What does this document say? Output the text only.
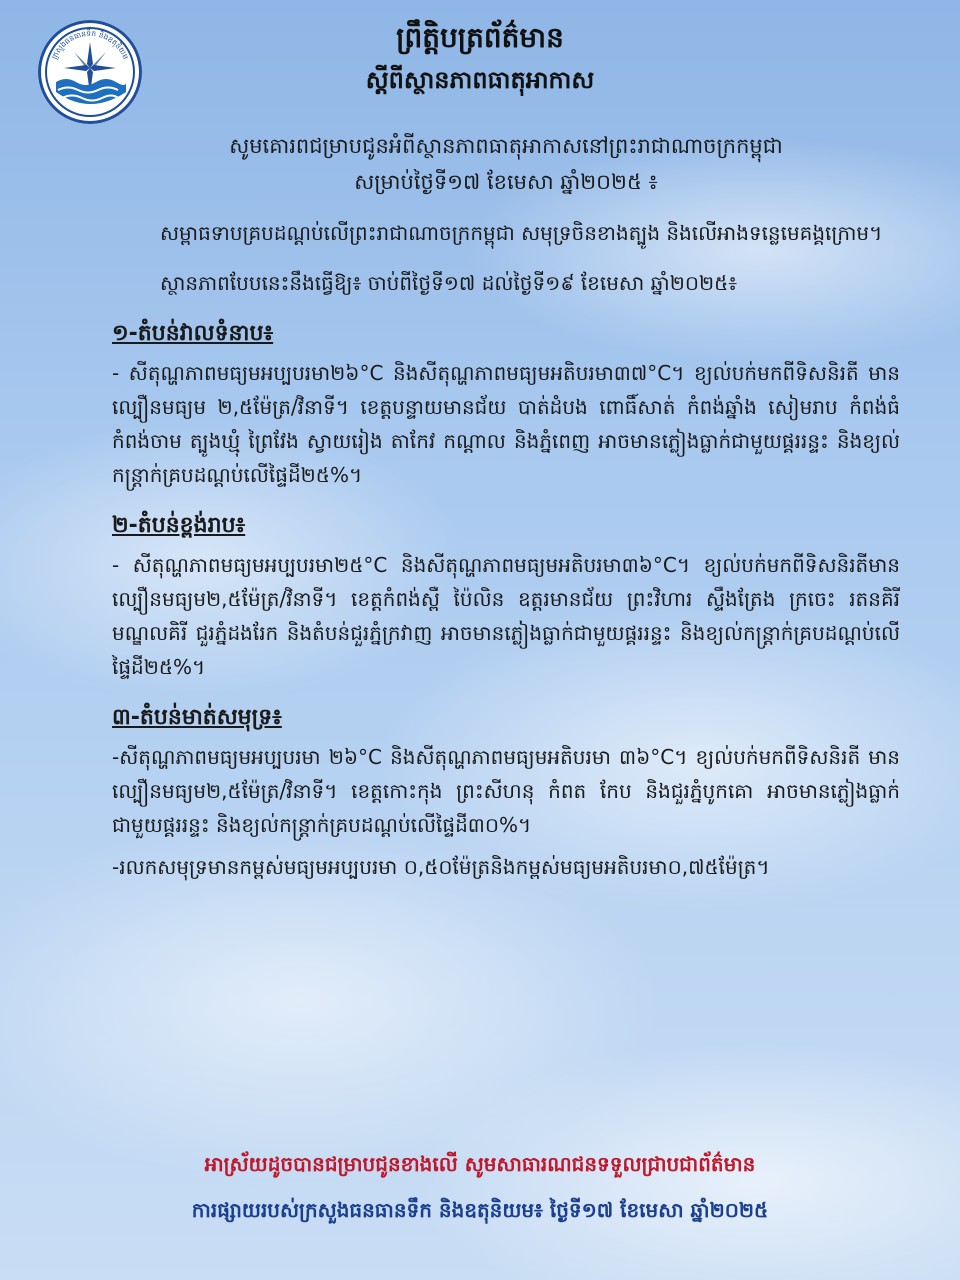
ក្រសួងធនធានទឹក និងឧតុនិយម
ព្រឹត្តិបត្រព័ត៌មាន
ស្តីពីស្ថានភាពធាតុអាកាស

សូមគោរពជម្រាបជូនអំពីស្ថានភាពធាតុអាកាសនៅព្រះរាជាណាចក្រកម្ពុជា

សម្រាប់ថ្ងៃទី១៧ ខែមេសា ឆ្នាំ២០២៥ ៖

សម្ពាធទាបគ្របដណ្តប់លើព្រះរាជាណាចក្រកម្ពុជា សមុទ្រចិនខាងត្បូង និងលើអាងទន្លេមេគង្គក្រោម។

ស្ថានភាពបែបនេះនឹងធ្វើឱ្យ៖ ចាប់ពីថ្ងៃទី១៧ ដល់ថ្ងៃទី១៩ ខែមេសា ឆ្នាំ២០២៥៖

១-តំបន់វាលទំនាប៖

- សីតុណ្ហភាពមធ្យមអប្បបរមា២៦°C និងសីតុណ្ហភាពមធ្យមអតិបរមា៣៧°C។ ខ្យល់បក់មកពីទិសនិរតី មានល្បឿនមធ្យម ២,៥ម៉ែត្រ/វិនាទី។ ខេត្តបន្ទាយមានជ័យ បាត់ដំបង ពោធិ៍សាត់ កំពង់ឆ្នាំង សៀមរាប កំពង់ធំ កំពង់ចាម ត្បូងឃ្មុំ ព្រៃវែង ស្វាយរៀង តាកែវ កណ្តាល និងភ្នំពេញ អាចមានភ្លៀងធ្លាក់ជាមួយផ្គររន្ទះ និងខ្យល់កន្ត្រាក់គ្របដណ្តប់លើផ្ទៃដី២៥%។

២-តំបន់ខ្ពង់រាប៖

- សីតុណ្ហភាពមធ្យមអប្បបរមា២៥°C និងសីតុណ្ហភាពមធ្យមអតិបរមា៣៦°C។ ខ្យល់បក់មកពីទិសនិរតីមានល្បឿនមធ្យម២,៥ម៉ែត្រ/វិនាទី។ ខេត្តកំពង់ស្ពឺ ប៉ៃលិន ឧត្តរមានជ័យ ព្រះវិហារ ស្ទឹងត្រែង ក្រចេះ រតនគិរី មណ្ឌលគិរី ជួរភ្នំដងរែក និងតំបន់ជួរភ្នំក្រវាញ អាចមានភ្លៀងធ្លាក់ជាមួយផ្គររន្ទះ និងខ្យល់កន្ត្រាក់គ្របដណ្តប់លើផ្ទៃដី២៥%។

៣-តំបន់មាត់សមុទ្រ៖

-សីតុណ្ហភាពមធ្យមអប្បបរមា ២៦°C និងសីតុណ្ហភាពមធ្យមអតិបរមា ៣៦°C។ ខ្យល់បក់មកពីទិសនិរតី មានល្បឿនមធ្យម២,៥ម៉ែត្រ/វិនាទី។ ខេត្តកោះកុង ព្រះសីហនុ កំពត កែប និងជួរភ្នំបូកគោ អាចមានភ្លៀងធ្លាក់ជាមួយផ្គររន្ទះ និងខ្យល់កន្ត្រាក់គ្របដណ្តប់លើផ្ទៃដី៣០%។

-រលកសមុទ្រមានកម្ពស់មធ្យមអប្បបរមា ០,៥០ម៉ែត្រនិងកម្ពស់មធ្យមអតិបរមា០,៧៥ម៉ែត្រ។

អាស្រ័យដូចបានជម្រាបជូនខាងលើ សូមសាធារណជនទទួលជ្រាបជាព័ត៌មាន
ការផ្សាយរបស់ក្រសួងធនធានទឹក និងឧតុនិយម៖ ថ្ងៃទី១៧ ខែមេសា ឆ្នាំ២០២៥
